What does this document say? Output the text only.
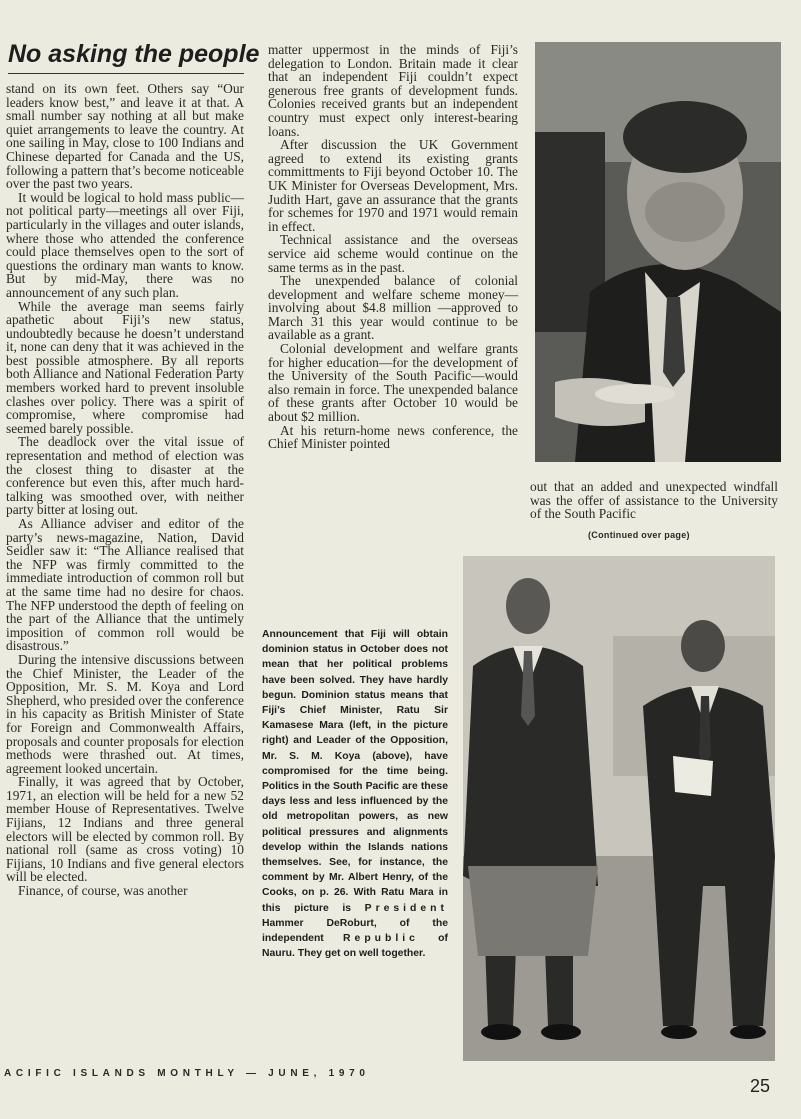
No asking the people

stand on its own feet. Others say “Our leaders know best,” and leave it at that. A small number say nothing at all but make quiet arrangements to leave the country. At one sailing in May, close to 100 Indians and Chinese departed for Canada and the US, following a pattern that’s become noticeable over the past two years.

It would be logical to hold mass public—not political party—meetings all over Fiji, particularly in the villages and outer islands, where those who attended the conference could place themselves open to the sort of questions the ordinary man wants to know. But by mid-May, there was no announcement of any such plan.

While the average man seems fairly apathetic about Fiji’s new status, undoubtedly because he doesn’t understand it, none can deny that it was achieved in the best possible atmosphere. By all reports both Alliance and National Federation Party members worked hard to prevent insoluble clashes over policy. There was a spirit of compromise, where compromise had seemed barely possible.

The deadlock over the vital issue of representation and method of election was the closest thing to disaster at the conference but even this, after much hard-talking was smoothed over, with neither party bitter at losing out.

As Alliance adviser and editor of the party’s news-magazine, Nation, David Seidler saw it: “The Alliance realised that the NFP was firmly committed to the immediate introduction of common roll but at the same time had no desire for chaos. The NFP understood the depth of feeling on the part of the Alliance that the untimely imposition of common roll would be disastrous.”

During the intensive discussions between the Chief Minister, the Leader of the Opposition, Mr. S. M. Koya and Lord Shepherd, who presided over the conference in his capacity as British Minister of State for Foreign and Commonwealth Affairs, proposals and counter proposals for election methods were thrashed out. At times, agreement looked uncertain.

Finally, it was agreed that by October, 1971, an election will be held for a new 52 member House of Representatives. Twelve Fijians, 12 Indians and three general electors will be elected by common roll. By national roll (same as cross voting) 10 Fijians, 10 Indians and five general electors will be elected.

Finance, of course, was another

matter uppermost in the minds of Fiji’s delegation to London. Britain made it clear that an independent Fiji couldn’t expect generous free grants of development funds. Colonies received grants but an independent country must expect only interest-bearing loans.

After discussion the UK Government agreed to extend its existing grants committments to Fiji beyond October 10. The UK Minister for Overseas Development, Mrs. Judith Hart, gave an assurance that the grants for schemes for 1970 and 1971 would remain in effect.

Technical assistance and the overseas service aid scheme would continue on the same terms as in the past.

The unexpended balance of colonial development and welfare scheme money—involving about $4.8 million —approved to March 31 this year would continue to be available as a grant.

Colonial development and welfare grants for higher education—for the development of the University of the South Pacific—would also remain in force. The unexpended balance of these grants after October 10 would be about $2 million.

At his return-home news conference, the Chief Minister pointed

out that an added and unexpected windfall was the offer of assistance to the University of the South Pacific

(Continued over page)
Announcement that Fiji will obtain dominion status in October does not mean that her political problems have been solved. They have hardly begun. Dominion status means that Fiji’s Chief Minister, Ratu Sir Kamasese Mara (left, in the picture right) and Leader of the Opposition, Mr. S. M. Koya (above), have compromised for the time being. Politics in the South Pacific are these days less and less influenced by the old metropolitan powers, as new political pressures and alignments develop within the Islands nations themselves. See, for instance, the comment by Mr. Albert Henry, of the Cooks, on p. 26. With Ratu Mara in this picture is President Hammer DeRoburt, of the independent Republic of Nauru. They get on well together.
ACIFIC ISLANDS MONTHLY — JUNE, 1970
25
